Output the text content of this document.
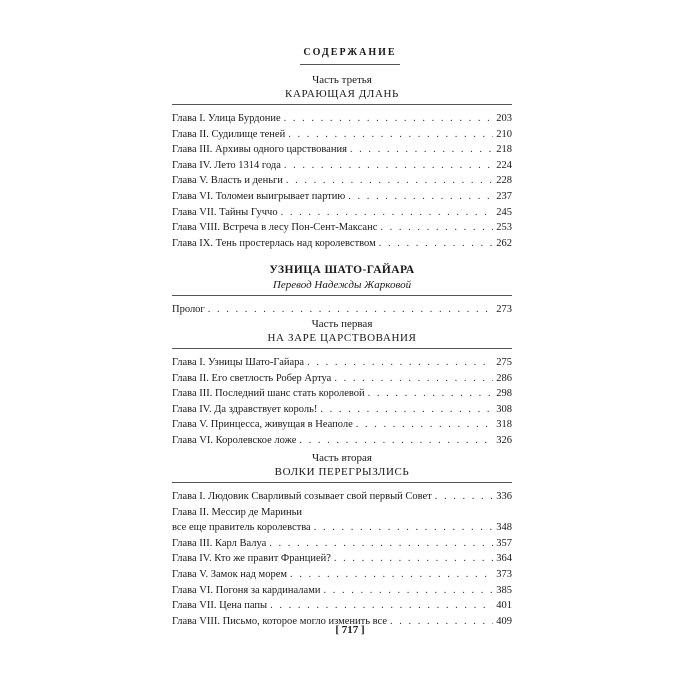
СОДЕРЖАНИЕ
Часть третья
КАРАЮЩАЯ ДЛАНЬ
Глава I. Улица Бурдоние . . .	203
Глава II. Судилище теней . . .	210
Глава III. Архивы одного царствования . . .	218
Глава IV. Лето 1314 года . . .	224
Глава V. Власть и деньги . . .	228
Глава VI. Толомеи выигрывает партию . . .	237
Глава VII. Тайны Гуччо . . .	245
Глава VIII. Встреча в лесу Пон-Сент-Максанс . . .	253
Глава IX. Тень простерлась над королевством . . .	262
УЗНИЦА ШАТО-ГАЙАРА
Перевод Надежды Жарковой
Пролог . . .	273
Часть первая
НА ЗАРЕ ЦАРСТВОВАНИЯ
Глава I. Узницы Шато-Гайара . . .	275
Глава II. Его светлость Робер Артуа . . .	286
Глава III. Последний шанс стать королевой . . .	298
Глава IV. Да здравствует король! . . .	308
Глава V. Принцесса, живущая в Неаполе . . .	318
Глава VI. Королевское ложе . . .	326
Часть вторая
ВОЛКИ ПЕРЕГРЫЗЛИСЬ
Глава I. Людовик Сварливый созывает свой первый Совет . . .	336
Глава II. Мессир де Мариньи
все еще правитель королевства . . .	348
Глава III. Карл Валуа . . .	357
Глава IV. Кто же правит Францией? . . .	364
Глава V. Замок над морем . . .	373
Глава VI. Погоня за кардиналами . . .	385
Глава VII. Цена папы . . .	401
Глава VIII. Письмо, которое могло изменить все . . .	409
[ 717 ]
